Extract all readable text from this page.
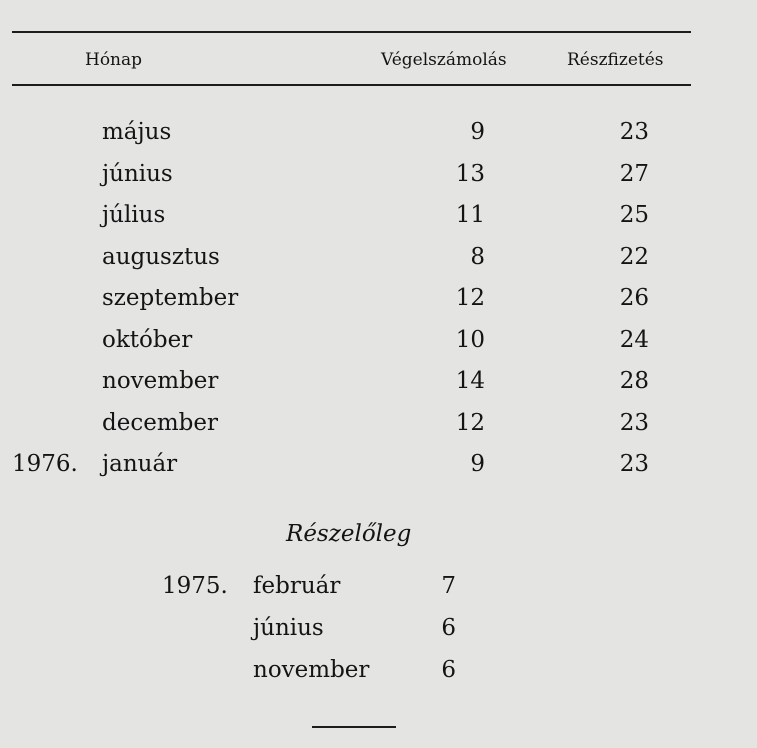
Hónap	Végelszámolás	Részfizetés
május	9	23
június	13	27
július	11	25
augusztus	8	22
szeptember	12	26
október	10	24
november	14	28
december	12	23
1976. január	9	23
Részelőleg
1975. február	7
június	6
november	6
